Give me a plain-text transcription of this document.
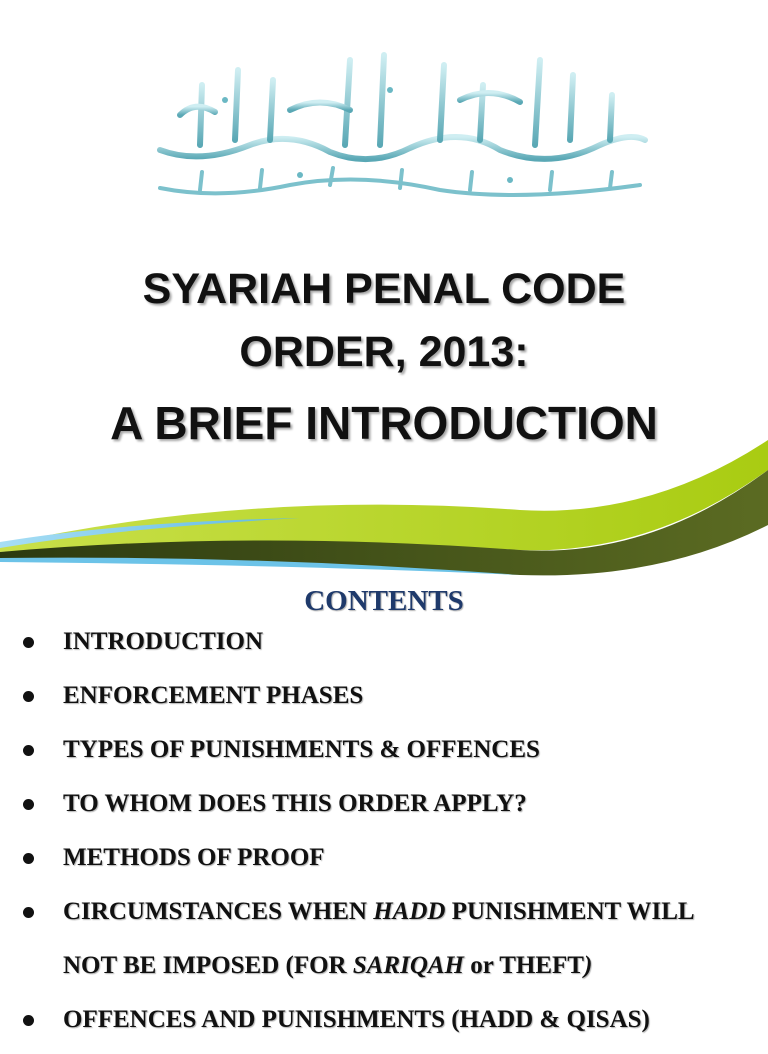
SYARIAH PENAL CODE
ORDER, 2013:
A BRIEF INTRODUCTION
CONTENTS
INTRODUCTION
ENFORCEMENT PHASES
TYPES OF PUNISHMENTS & OFFENCES
TO WHOM DOES THIS ORDER APPLY?
METHODS OF PROOF
CIRCUMSTANCES WHEN HADD PUNISHMENT WILL
NOT BE IMPOSED (FOR SARIQAH or THEFT)
OFFENCES AND PUNISHMENTS (HADD & QISAS)
